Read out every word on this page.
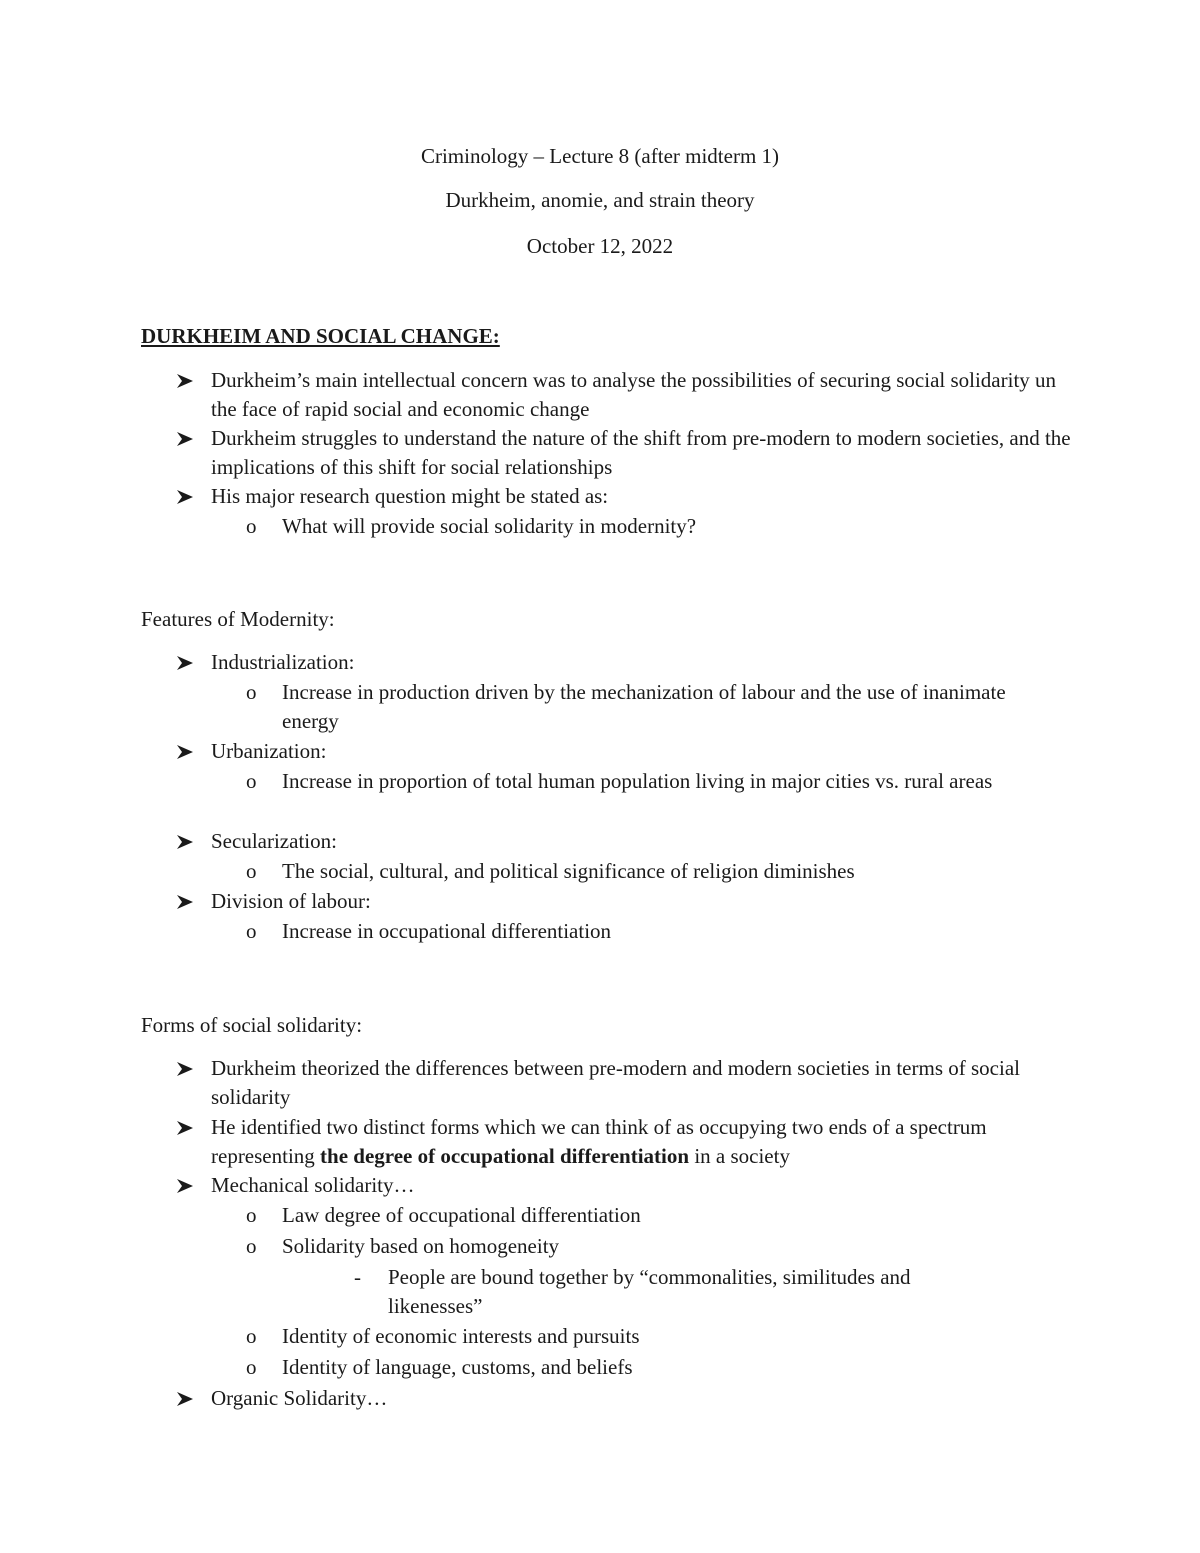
Criminology – Lecture 8 (after midterm 1)
Durkheim, anomie, and strain theory
October 12, 2022
DURKHEIM AND SOCIAL CHANGE:
Durkheim’s main intellectual concern was to analyse the possibilities of securing social solidarity un the face of rapid social and economic change
Durkheim struggles to understand the nature of the shift from pre-modern to modern societies, and the implications of this shift for social relationships
His major research question might be stated as:
o	What will provide social solidarity in modernity?
Features of Modernity:
Industrialization:
o	Increase in production driven by the mechanization of labour and the use of inanimate energy
Urbanization:
o	Increase in proportion of total human population living in major cities vs. rural areas
Secularization:
o	The social, cultural, and political significance of religion diminishes
Division of labour:
o	Increase in occupational differentiation
Forms of social solidarity:
Durkheim theorized the differences between pre-modern and modern societies in terms of social solidarity
He identified two distinct forms which we can think of as occupying two ends of a spectrum representing the degree of occupational differentiation in a society
Mechanical solidarity…
o	Law degree of occupational differentiation
o	Solidarity based on homogeneity
-	People are bound together by “commonalities, similitudes and likenesses”
o	Identity of economic interests and pursuits
o	Identity of language, customs, and beliefs
Organic Solidarity…
